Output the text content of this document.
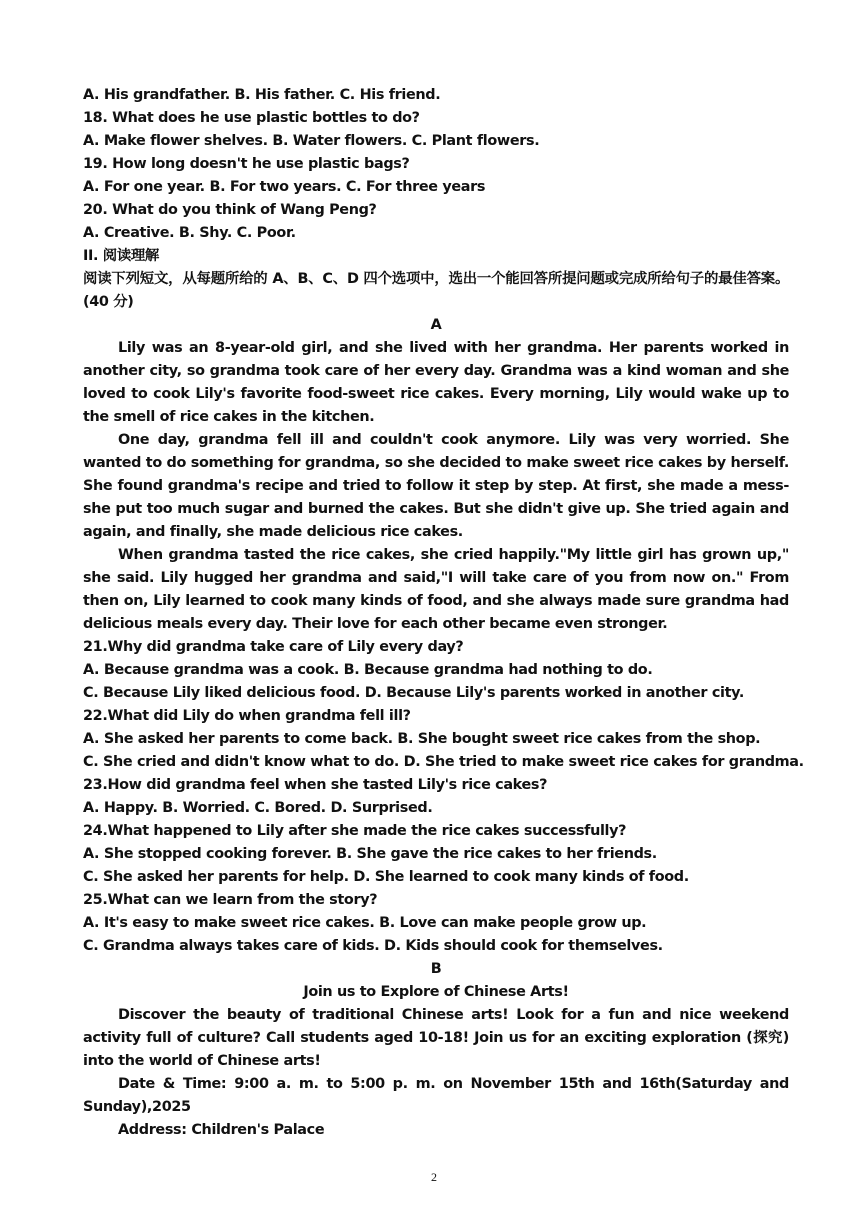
A. His grandfather. B. His father. C. His friend.
18. What does he use plastic bottles to do?
A. Make flower shelves. B. Water flowers. C. Plant flowers.
19. How long doesn't he use plastic bags?
A. For one year. B. For two years. C. For three years
20. What do you think of Wang Peng?
A. Creative. B. Shy. C. Poor.
II. 阅读理解

阅读下列短文，从每题所给的 A、B、C、D 四个选项中，选出一个能回答所提问题或完成所给句子的最佳答案。(40 分)

A

Lily was an 8-year-old girl, and she lived with her grandma. Her parents worked in another city, so grandma took care of her every day. Grandma was a kind woman and she loved to cook Lily's favorite food-sweet rice cakes. Every morning, Lily would wake up to the smell of rice cakes in the kitchen.

One day, grandma fell ill and couldn't cook anymore. Lily was very worried. She wanted to do something for grandma, so she decided to make sweet rice cakes by herself. She found grandma's recipe and tried to follow it step by step. At first, she made a mess-she put too much sugar and burned the cakes. But she didn't give up. She tried again and again, and finally, she made delicious rice cakes.

When grandma tasted the rice cakes, she cried happily."My little girl has grown up," she said. Lily hugged her grandma and said,"I will take care of you from now on." From then on, Lily learned to cook many kinds of food, and she always made sure grandma had delicious meals every day. Their love for each other became even stronger.

21.Why did grandma take care of Lily every day?
A. Because grandma was a cook. B. Because grandma had nothing to do.
C. Because Lily liked delicious food. D. Because Lily's parents worked in another city.
22.What did Lily do when grandma fell ill?
A. She asked her parents to come back. B. She bought sweet rice cakes from the shop.
C. She cried and didn't know what to do. D. She tried to make sweet rice cakes for grandma.
23.How did grandma feel when she tasted Lily's rice cakes?
A. Happy. B. Worried. C. Bored. D. Surprised.
24.What happened to Lily after she made the rice cakes successfully?
A. She stopped cooking forever. B. She gave the rice cakes to her friends.
C. She asked her parents for help. D. She learned to cook many kinds of food.
25.What can we learn from the story?
A. It's easy to make sweet rice cakes. B. Love can make people grow up.
C. Grandma always takes care of kids. D. Kids should cook for themselves.
B
Join us to Explore of Chinese Arts!

Discover the beauty of traditional Chinese arts! Look for a fun and nice weekend activity full of culture? Call students aged 10-18! Join us for an exciting exploration (探究) into the world of Chinese arts!

Date & Time: 9:00 a. m. to 5:00 p. m. on November 15th and 16th(Saturday and Sunday),2025

Address: Children's Palace

2
